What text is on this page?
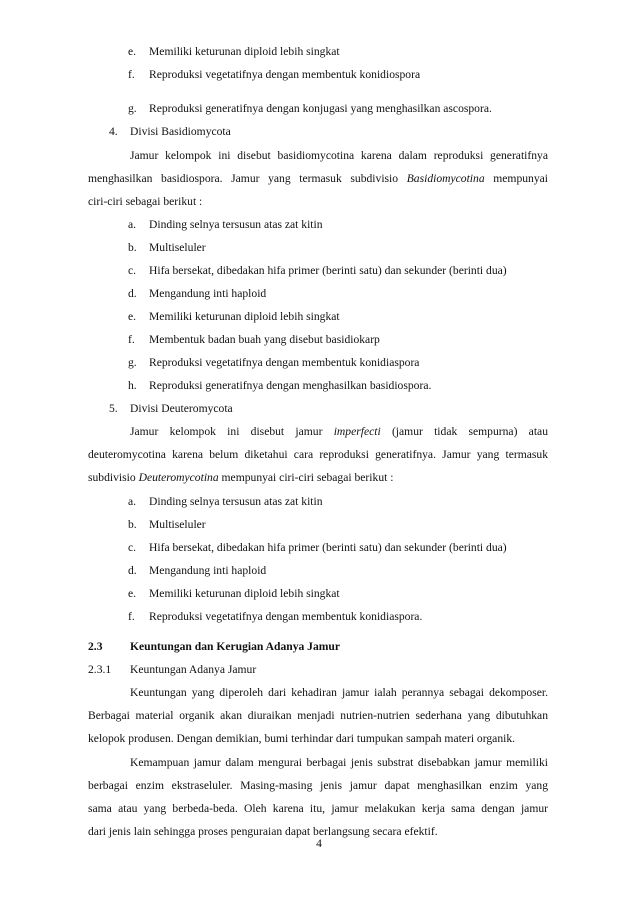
e. Memiliki keturunan diploid lebih singkat
f. Reproduksi vegetatifnya dengan membentuk konidiospora
g. Reproduksi generatifnya dengan konjugasi yang menghasilkan ascospora.
4. Divisi Basidiomycota
Jamur kelompok ini disebut basidiomycotina karena dalam reproduksi generatifnya
menghasilkan basidiospora. Jamur yang termasuk subdivisio Basidiomycotina mempunyai
ciri-ciri sebagai berikut :
a. Dinding selnya tersusun atas zat kitin
b. Multiseluler
c. Hifa bersekat, dibedakan hifa primer (berinti satu) dan sekunder (berinti dua)
d. Mengandung inti haploid
e. Memiliki keturunan diploid lebih singkat
f. Membentuk badan buah yang disebut basidiokarp
g. Reproduksi vegetatifnya dengan membentuk konidiaspora
h. Reproduksi generatifnya dengan menghasilkan basidiospora.
5. Divisi Deuteromycota
Jamur kelompok ini disebut jamur imperfecti (jamur tidak sempurna) atau
deuteromycotina karena belum diketahui cara reproduksi generatifnya. Jamur yang termasuk
subdivisio Deuteromycotina mempunyai ciri-ciri sebagai berikut :
a. Dinding selnya tersusun atas zat kitin
b. Multiseluler
c. Hifa bersekat, dibedakan hifa primer (berinti satu) dan sekunder (berinti dua)
d. Mengandung inti haploid
e. Memiliki keturunan diploid lebih singkat
f. Reproduksi vegetatifnya dengan membentuk konidiaspora.
2.3 Keuntungan dan Kerugian Adanya Jamur
2.3.1 Keuntungan Adanya Jamur
Keuntungan yang diperoleh dari kehadiran jamur ialah perannya sebagai dekomposer.
Berbagai material organik akan diuraikan menjadi nutrien-nutrien sederhana yang dibutuhkan
kelopok produsen. Dengan demikian, bumi terhindar dari tumpukan sampah materi organik.
Kemampuan jamur dalam mengurai berbagai jenis substrat disebabkan jamur memiliki
berbagai enzim ekstraseluler. Masing-masing jenis jamur dapat menghasilkan enzim yang
sama atau yang berbeda-beda. Oleh karena itu, jamur melakukan kerja sama dengan jamur
dari jenis lain sehingga proses penguraian dapat berlangsung secara efektif.
4
